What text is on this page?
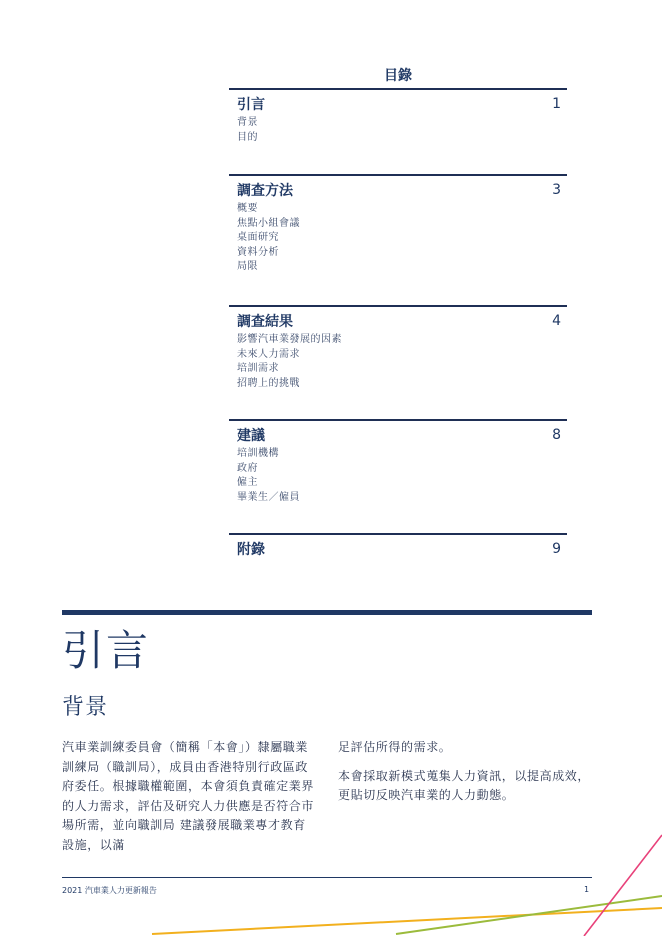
目錄
引言	1
背景
目的
調查方法	3
概要
焦點小組會議
桌面研究
資料分析
局限
調查結果	4
影響汽車業發展的因素
未來人力需求
培訓需求
招聘上的挑戰
建議	8
培訓機構
政府
僱主
畢業生／僱員
附錄	9
引言
背景

汽車業訓練委員會（簡稱「本會」）隸屬職業訓練局（職訓局），成員由香港特別行政區政府委任。根據職權範圍，本會須負責確定業界的人力需求，評估及研究人力供應是否符合市場所需，並向職訓局 建議發展職業專才教育設施，以滿

足評估所得的需求。

本會採取新模式蒐集人力資訊，以提高成效，更貼切反映汽車業的人力動態。

2021 汽車業人力更新報告	1
